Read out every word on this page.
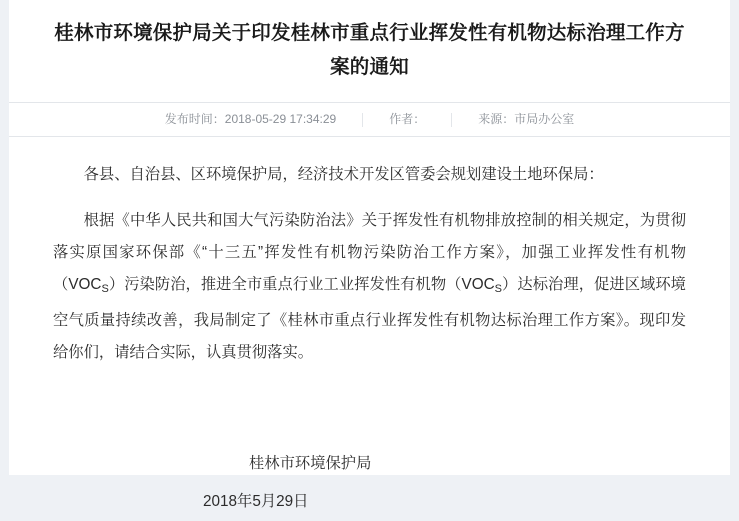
桂林市环境保护局关于印发桂林市重点行业挥发性有机物达标治理工作方案的通知
发布时间：2018-05-29 17:34:29	作者：	来源：市局办公室

各县、自治县、区环境保护局，经济技术开发区管委会规划建设土地环保局：

根据《中华人民共和国大气污染防治法》关于挥发性有机物排放控制的相关规定，为贯彻落实原国家环保部《“十三五”挥发性有机物污染防治工作方案》，加强工业挥发性有机物$(VOC_S)$污染防治，推进全市重点行业工业挥发性有机物$(VOC_S)$达标治理，促进区域环境空气质量持续改善，我局制定了《桂林市重点行业挥发性有机物达标治理工作方案》。现印发给你们，请结合实际，认真贯彻落实。

桂林市环境保护局
2018年5月29日
